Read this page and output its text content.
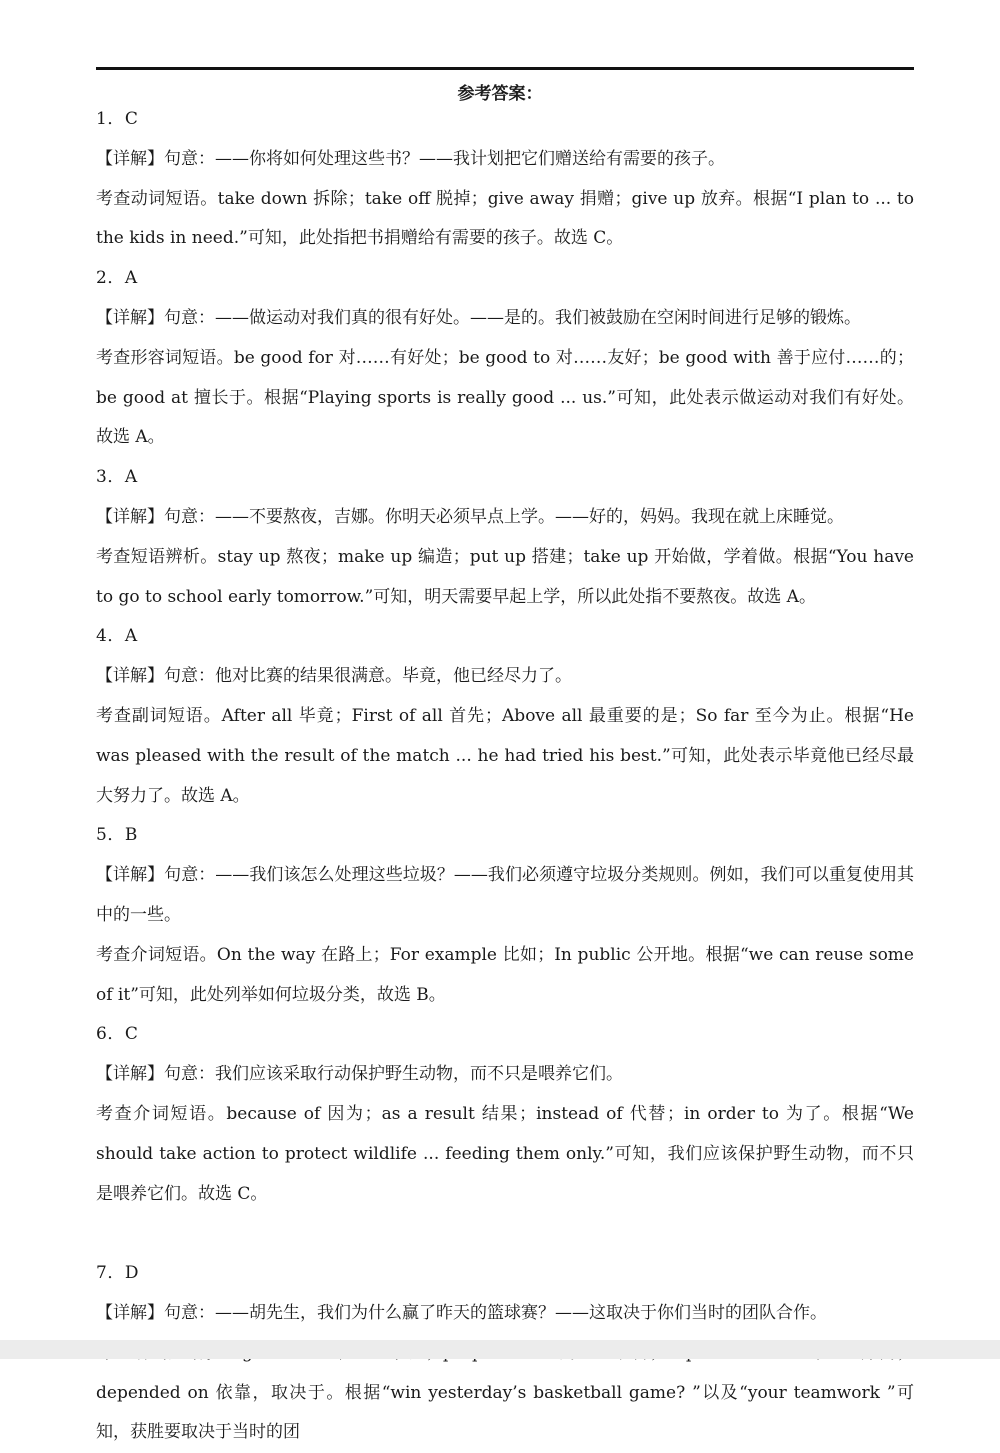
参考答案：
1．C
【详解】句意：——你将如何处理这些书？——我计划把它们赠送给有需要的孩子。
考查动词短语。take down 拆除；take off 脱掉；give away 捐赠；give up 放弃。根据“I plan to ... to the kids in need.”可知，此处指把书捐赠给有需要的孩子。故选 C。
2．A
【详解】句意：——做运动对我们真的很有好处。——是的。我们被鼓励在空闲时间进行足够的锻炼。
考查形容词短语。be good for 对……有好处；be good to 对……友好；be good with 善于应付……的；be good at 擅长于。根据“Playing sports is really good ... us.”可知，此处表示做运动对我们有好处。故选 A。
3．A
【详解】句意：——不要熬夜，吉娜。你明天必须早点上学。——好的，妈妈。我现在就上床睡觉。
考查短语辨析。stay up 熬夜；make up 编造；put up 搭建；take up 开始做，学着做。根据“You have to go to school early tomorrow.”可知，明天需要早起上学，所以此处指不要熬夜。故选 A。
4．A
【详解】句意：他对比赛的结果很满意。毕竟，他已经尽力了。
考查副词短语。After all 毕竟；First of all 首先；Above all 最重要的是；So far 至今为止。根据“He was pleased with the result of the match ... he had tried his best.”可知，此处表示毕竟他已经尽最大努力了。故选 A。
5．B
【详解】句意：——我们该怎么处理这些垃圾？——我们必须遵守垃圾分类规则。例如，我们可以重复使用其中的一些。
考查介词短语。On the way 在路上；For example 比如；In public 公开地。根据“we can reuse some of it”可知，此处列举如何垃圾分类，故选 B。
6．C
【详解】句意：我们应该采取行动保护野生动物，而不只是喂养它们。
考查介词短语。because of 因为；as a result 结果；instead of 代替；in order to 为了。根据“We should take action to protect wildlife ... feeding them only.”可知，我们应该保护野生动物，而不只是喂养它们。故选 C。
7．D
【详解】句意：——胡先生，我们为什么赢了昨天的篮球赛？——这取决于你们当时的团队合作。
depended on 依靠，取决于。根据“win yesterday’s basketball game? ”以及“your teamwork ”可知，获胜要取决于当时的团
